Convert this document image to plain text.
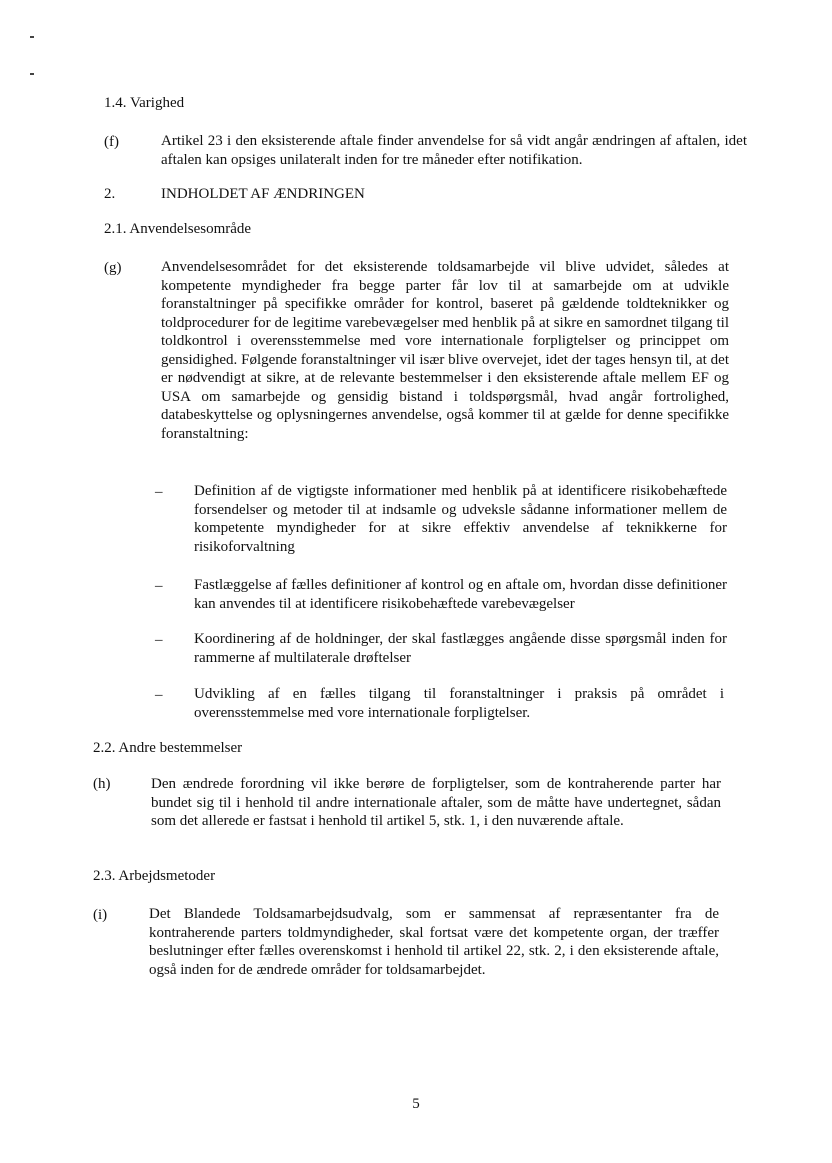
1.4. Varighed
(f)	Artikel 23 i den eksisterende aftale finder anvendelse for så vidt angår ændringen af aftalen, idet aftalen kan opsiges unilateralt inden for tre måneder efter notifikation.
2.	INDHOLDET AF ÆNDRINGEN
2.1. Anvendelsesområde
(g)	Anvendelsesområdet for det eksisterende toldsamarbejde vil blive udvidet, således at kompetente myndigheder fra begge parter får lov til at samarbejde om at udvikle foranstaltninger på specifikke områder for kontrol, baseret på gældende toldteknikker og toldprocedurer for de legitime varebevægelser med henblik på at sikre en samordnet tilgang til toldkontrol i overensstemmelse med vore internationale forpligtelser og princippet om gensidighed. Følgende foranstaltninger vil især blive overvejet, idet der tages hensyn til, at det er nødvendigt at sikre, at de relevante bestemmelser i den eksisterende aftale mellem EF og USA om samarbejde og gensidig bistand i toldspørgsmål, hvad angår fortrolighed, databeskyttelse og oplysningernes anvendelse, også kommer til at gælde for denne specifikke foranstaltning:
– Definition af de vigtigste informationer med henblik på at identificere risikobehæftede forsendelser og metoder til at indsamle og udveksle sådanne informationer mellem de kompetente myndigheder for at sikre effektiv anvendelse af teknikkerne for risikoforvaltning
– Fastlæggelse af fælles definitioner af kontrol og en aftale om, hvordan disse definitioner kan anvendes til at identificere risikobehæftede varebevægelser
– Koordinering af de holdninger, der skal fastlægges angående disse spørgsmål inden for rammerne af multilaterale drøftelser
– Udvikling af en fælles tilgang til foranstaltninger i praksis på området i overensstemmelse med vore internationale forpligtelser.
2.2. Andre bestemmelser
(h)	Den ændrede forordning vil ikke berøre de forpligtelser, som de kontraherende parter har bundet sig til i henhold til andre internationale aftaler, som de måtte have undertegnet, sådan som det allerede er fastsat i henhold til artikel 5, stk. 1, i den nuværende aftale.
2.3. Arbejdsmetoder
(i)	Det Blandede Toldsamarbejdsudvalg, som er sammensat af repræsentanter fra de kontraherende parters toldmyndigheder, skal fortsat være det kompetente organ, der træffer beslutninger efter fælles overenskomst i henhold til artikel 22, stk. 2, i den eksisterende aftale, også inden for de ændrede områder for toldsamarbejdet.
5
